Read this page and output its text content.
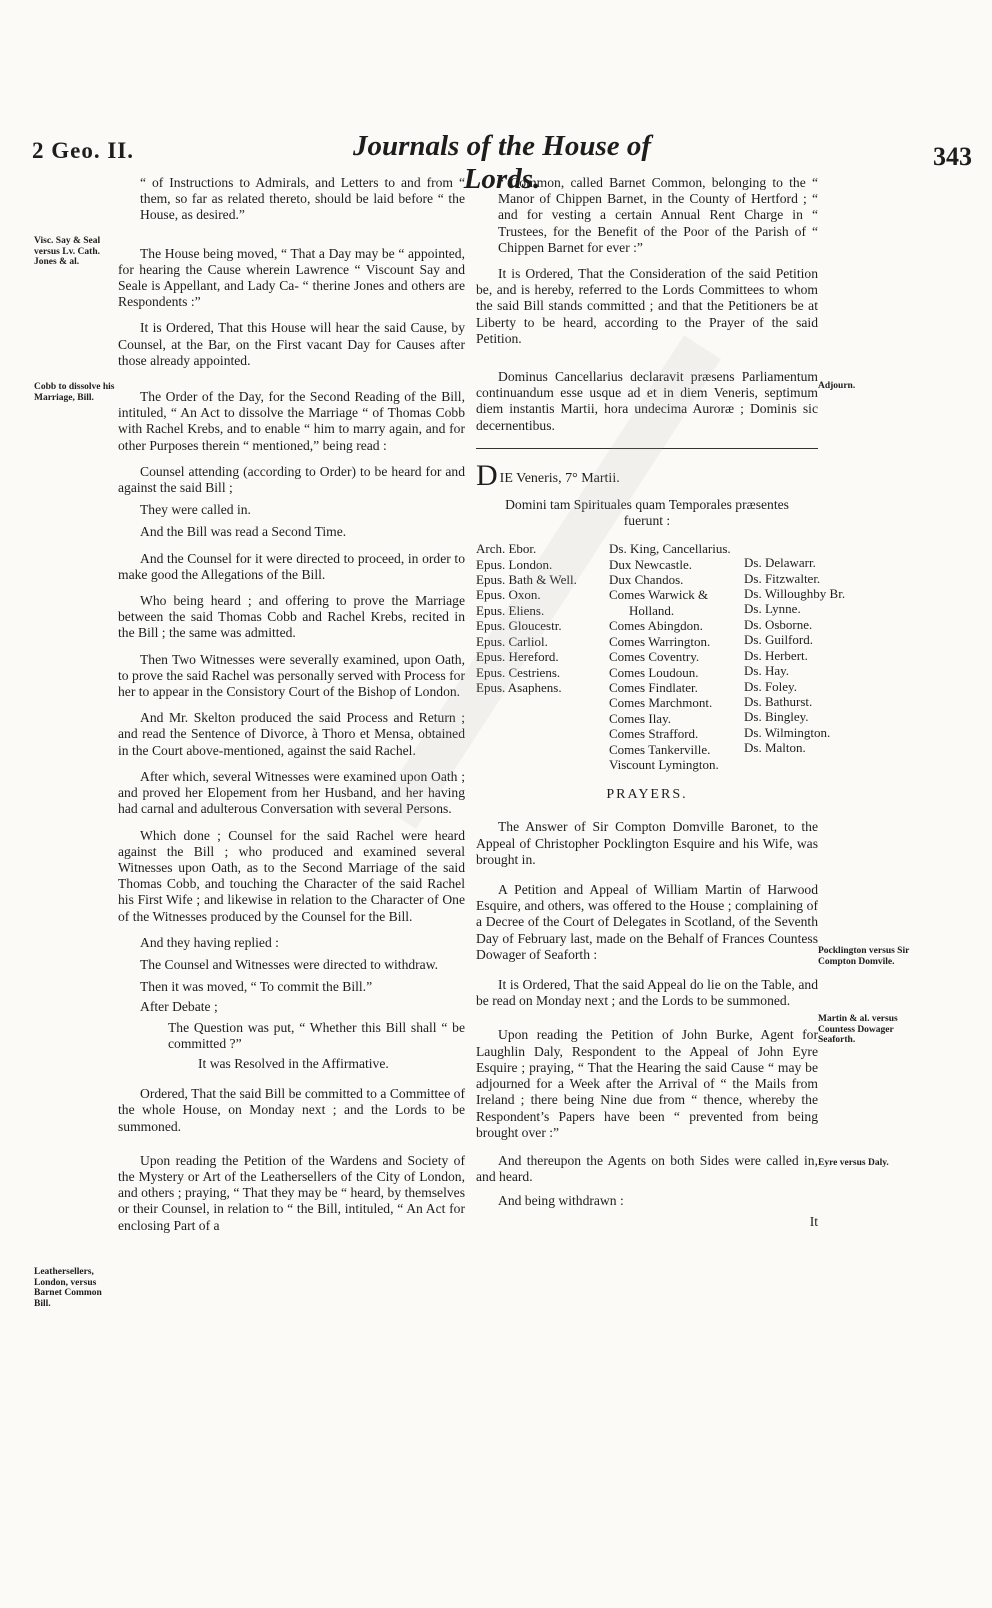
2 Geo. II.	Journals of the House of Lords.
343
Visc. Say & Seal versus Lv. Cath. Jones & al.
Cobb to dissolve his Marriage, Bill.
Leathersellers, London, versus Barnet Common Bill.
Adjourn.
Pocklington versus Sir Compton Domvile.
Martin & al. versus Countess Dowager Seaforth.
Eyre versus Daly.

“ of Instructions to Admirals, and Letters to and from “ them, so far as related thereto, should be laid before “ the House, as desired.”

The House being moved, “ That a Day may be “ appointed, for hearing the Cause wherein Lawrence “ Viscount Say and Seale is Appellant, and Lady Ca- “ therine Jones and others are Respondents :”

It is Ordered, That this House will hear the said Cause, by Counsel, at the Bar, on the First vacant Day for Causes after those already appointed.

The Order of the Day, for the Second Reading of the Bill, intituled, “ An Act to dissolve the Marriage “ of Thomas Cobb with Rachel Krebs, and to enable “ him to marry again, and for other Purposes therein “ mentioned,” being read :

Counsel attending (according to Order) to be heard for and against the said Bill ;

They were called in.

And the Bill was read a Second Time.

And the Counsel for it were directed to proceed, in order to make good the Allegations of the Bill.

Who being heard ; and offering to prove the Marriage between the said Thomas Cobb and Rachel Krebs, recited in the Bill ; the same was admitted.

Then Two Witnesses were severally examined, upon Oath, to prove the said Rachel was personally served with Process for her to appear in the Consistory Court of the Bishop of London.

And Mr. Skelton produced the said Process and Return ; and read the Sentence of Divorce, à Thoro et Mensa, obtained in the Court above-mentioned, against the said Rachel.

After which, several Witnesses were examined upon Oath ; and proved her Elopement from her Husband, and her having had carnal and adulterous Conversation with several Persons.

Which done ; Counsel for the said Rachel were heard against the Bill ; who produced and examined several Witnesses upon Oath, as to the Second Marriage of the said Thomas Cobb, and touching the Character of the said Rachel his First Wife ; and likewise in relation to the Character of One of the Witnesses produced by the Counsel for the Bill.

And they having replied :

The Counsel and Witnesses were directed to withdraw.

Then it was moved, “ To commit the Bill.”

After Debate ;

The Question was put, “ Whether this Bill shall “ be committed ?”

It was Resolved in the Affirmative.

Ordered, That the said Bill be committed to a Committee of the whole House, on Monday next ; and the Lords to be summoned.

Upon reading the Petition of the Wardens and Society of the Mystery or Art of the Leathersellers of the City of London, and others ; praying, “ That they may be “ heard, by themselves or their Counsel, in relation to “ the Bill, intituled, “ An Act for enclosing Part of a

“ Common, called Barnet Common, belonging to the “ Manor of Chippen Barnet, in the County of Hertford ; “ and for vesting a certain Annual Rent Charge in “ Trustees, for the Benefit of the Poor of the Parish of “ Chippen Barnet for ever :”

It is Ordered, That the Consideration of the said Petition be, and is hereby, referred to the Lords Committees to whom the said Bill stands committed ; and that the Petitioners be at Liberty to be heard, according to the Prayer of the said Petition.

Dominus Cancellarius declaravit præsens Parliamentum continuandum esse usque ad et in diem Veneris, septimum diem instantis Martii, hora undecima Auroræ ; Dominis sic decernentibus.

DIE Veneris, 7° Martii.
Domini tam Spirituales quam Temporales præsentes
fuerunt :
Arch. Ebor.
Epus. London.
Epus. Bath & Well.
Epus. Oxon.
Epus. Eliens.
Epus. Gloucestr.
Epus. Carliol.
Epus. Hereford.
Epus. Cestriens.
Epus. Asaphens.
Ds. King, Cancellarius.
Dux Newcastle.
Dux Chandos.
Comes Warwick &
Holland.
Comes Abingdon.
Comes Warrington.
Comes Coventry.
Comes Loudoun.
Comes Findlater.
Comes Marchmont.
Comes Ilay.
Comes Strafford.
Comes Tankerville.
Viscount Lymington.
Ds. Delawarr.
Ds. Fitzwalter.
Ds. Willoughby Br.
Ds. Lynne.
Ds. Osborne.
Ds. Guilford.
Ds. Herbert.
Ds. Hay.
Ds. Foley.
Ds. Bathurst.
Ds. Bingley.
Ds. Wilmington.
Ds. Malton.
PRAYERS.

The Answer of Sir Compton Domville Baronet, to the Appeal of Christopher Pocklington Esquire and his Wife, was brought in.

A Petition and Appeal of William Martin of Harwood Esquire, and others, was offered to the House ; complaining of a Decree of the Court of Delegates in Scotland, of the Seventh Day of February last, made on the Behalf of Frances Countess Dowager of Seaforth :

It is Ordered, That the said Appeal do lie on the Table, and be read on Monday next ; and the Lords to be summoned.

Upon reading the Petition of John Burke, Agent for Laughlin Daly, Respondent to the Appeal of John Eyre Esquire ; praying, “ That the Hearing the said Cause “ may be adjourned for a Week after the Arrival of “ the Mails from Ireland ; there being Nine due from “ thence, whereby the Respondent’s Papers have been “ prevented from being brought over :”

And thereupon the Agents on both Sides were called in, and heard.

And being withdrawn :

It
